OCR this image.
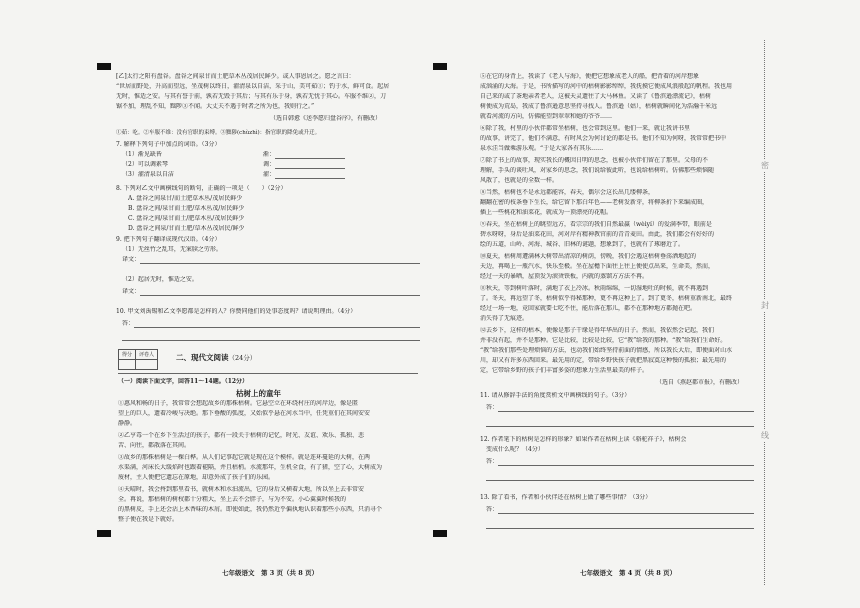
[乙]太行之阳有盘谷。盘谷之间泉甘而土肥草木丛茂居民鲜少。或人事恩居之。愿之言曰：
“世居而野处，升高而望远，坐茂树以终日，濯清泉以自洁，采于山，美可茹①；钓于水，鲜可食。起居
无时，惟适之安。与其有誉于前，孰若无毁于其后；与其有乐于身，孰若无忧于其心。车服不维②，刀
锯不加，理乱不知，黜陟③不闻。大丈夫不遇于时者之所为也，我则行之。”
（选自韩愈《送李愿归盘谷序》，有删改）
①茹：吃。②车服不维：没有官职的束缚。③黜陟(chùzhì)：指官职的降免或升迁。
7. 解释下列句子中加点的词语。（3分）
（1）渐见缺皆	渐：
（2）可以调素琴	调：
（3）濯清泉以自洁	濯：
8. 下列对乙文中画横线句的断句，正确的一项是（　　）（2分）
A. 盘谷之间泉甘/而土肥草木丛/茂居民鲜少
B. 盘谷之间/泉甘而土肥/草木丛茂/居民鲜少
C. 盘谷之间/泉甘而土/肥草木丛/茂居民鲜少
D. 盘谷之间泉/甘而土肥/草木丛茂居民/鲜少
9. 把下列句子翻译成现代汉语。（4分）
（1）无丝竹之乱耳，无案牍之劳形。
译文：
（2）起居无时，惟适之安。
译文：
10. 甲文刘禹锡和乙文李愿都是怎样的人？你赞同他们的处事态度吗？请说明理由。（4分）
答：
得分	评卷人
		二、现代文阅读（24分）
（一）阅读下面文字，回答11～14题。（12分）
枯树上的童年
①惠风和畅的日子，我常常会想起故乡的那株枯树。它悬空立在环绕村庄的河岸边，像是匿
望上的巨人，遗着冷峻与决绝。那下垂酸的弧度，又始似乎悬在河水当中，任凭重们在其间安安
静静。
②乙亨毒一个在乡下生活过的孩子，都有一段关于枯树的记忆，时光、友谊、欢乐、孤独、悲
苦、向往，都散落在其间。
③故乡的那株枯树是一棵白桦。从人们记事起它就是现在这个模样。就是连环蔓延的大树，在两
水渠满，河床长大缓焰时也跟着褪隔，并且枯梢。水流那年，生机全食，有了猪，空了心，大树成为
废材，主人便把它遗忘在原地，却意外成了孩子们的乐园。
④天晴时，我会捋到那里看书，就树木和水汩流出，它的身后又横着大地，所以坐上去非常安
全。再说，那枯树的树杈都十分粗大，坐上去不会胖子，与为不安。小心翼翼时候我的
的黑树皮，手上还会沾上木香味的木屑。即使如此，我仍然近乎偏执地认识着那些小东西，只消寻个
整子便在我是下就好。
七年级语文　第 3 页（共 8 页）
⑤在它的身背上，我读了《老人与海》，便把它想象成老人的船，把背着的河岸想象
成汹涌的大海。于是，书所描写的河中的枯树影影绰绰，我抚摸它便成风浪般起的帆程。我也用
自己来的或了茶地亲者老人，这被天灵遗往了大马林鱼。又读了《鲁滨逊漂流记》，枯树
树便成为荒岛，我成了鲁滨逊意思坚持寻找人。鲁滨逊（姑），枯树就瞬间化为浩瀚千米远
就看河流的方向，仿佛能望到翠翠和她的爷爷……
⑥除了我，村里的小伙伴都常坐枯树，也会常到这里。他们一来，就让我讲书里
的故事，讲完了，他们不满意，有时风会为何讨论的都是书。他们不知为何呀，我常常把书中
泉水洼当做乘游乐观。“于是大家各有其乐……
⑦除了书上的故事，现实我长的概因日明的思念，也被小伙伴们留在了那里。父母的不
理解，手头的谈吐风，对家乡的思念，我们说给彼此听，也说给枯树听。仿佛那些烦恼随
风散了，也就是的全数一样。
⑧当然，枯树也不是永远都能容，春天，偶尔会这长出几缕柳条，
翻翻在密的枝条垂下生长，给它留下那白年色——老树发新芽，将柳条折下来编成圈，
插上一些桃花和油菜花，就成为一顶漂亮的花帽。
⑨春天，坐在枯树上的眺望远方，看宗宗的我们自然最赢（wèiyí）的爱满季带，眼前是
碧水呀呀，身后是油菜花田，河对岸有精神教官前的青青麦田。由此，我们都会有好好的
绘的五道，山岭、河海、城谷、旧林的谜题，想象到了，也就有了琢磨近了。
⑩夏天，枯树周遭满林大树带出清凉的树荫，傍晚，我们会遇这枯树垂荡洒地起的
天边，再喝上一瓶汽水，快乐至极。坐在屋檐下面往上往上便使点出来，生命美，然而，
经过一天的暴晒，屋顶发为滚烫铁板，内就的蒸馏方方法不再。
⑪秋天，等到树叶落时，满地了衣上冷冰。秋雨绵绵，一切湿地吐的时候，就不再遇到
了。冬天，再远望了冬，枯树似乎得秘那种，更不再这种上了。到了更冬，枯树重新南北，最终
经过一场一地，竟回家就要七吃不住，能后落在那儿，都不在那种地方都抛在吧。
消失得了无痕迹。
⑫去乡下，这样的枯本，便像是那子干缘是得年华出的日子。然而，我依然会记起，我们
并非没有起，并不是那种。它是比较，比较是比较，它“教”给我的那种。“教”给我们生命好。
“教”给我们那些处理烦恼的方法，也动我们始终坚持前面的情感，所以我长大后，即便面对山水
川，却又有许多东西回来。最先用的定，带给乡野快孩子就把黑寂寞这种慢的孤独；最先用的
定，它带给乡野的孩子们丰富多姿的想象力生活里最美的样子。
（选自《燕赵都市报》，有删改）
11. 请从修辞手法的角度赏析文中画横线的句子。（3分）
答：
12. 作者笔下的枯树是怎样的形象？如果作者在枯树上读《骆驼祥子》，枯树会
变成什么呢？（4分）
答：
13. 除了看书，作者和小伙伴还在枯树上做了哪些事情？（3分）
答：
七年级语文　第 4 页（共 8 页）
密
封
线
